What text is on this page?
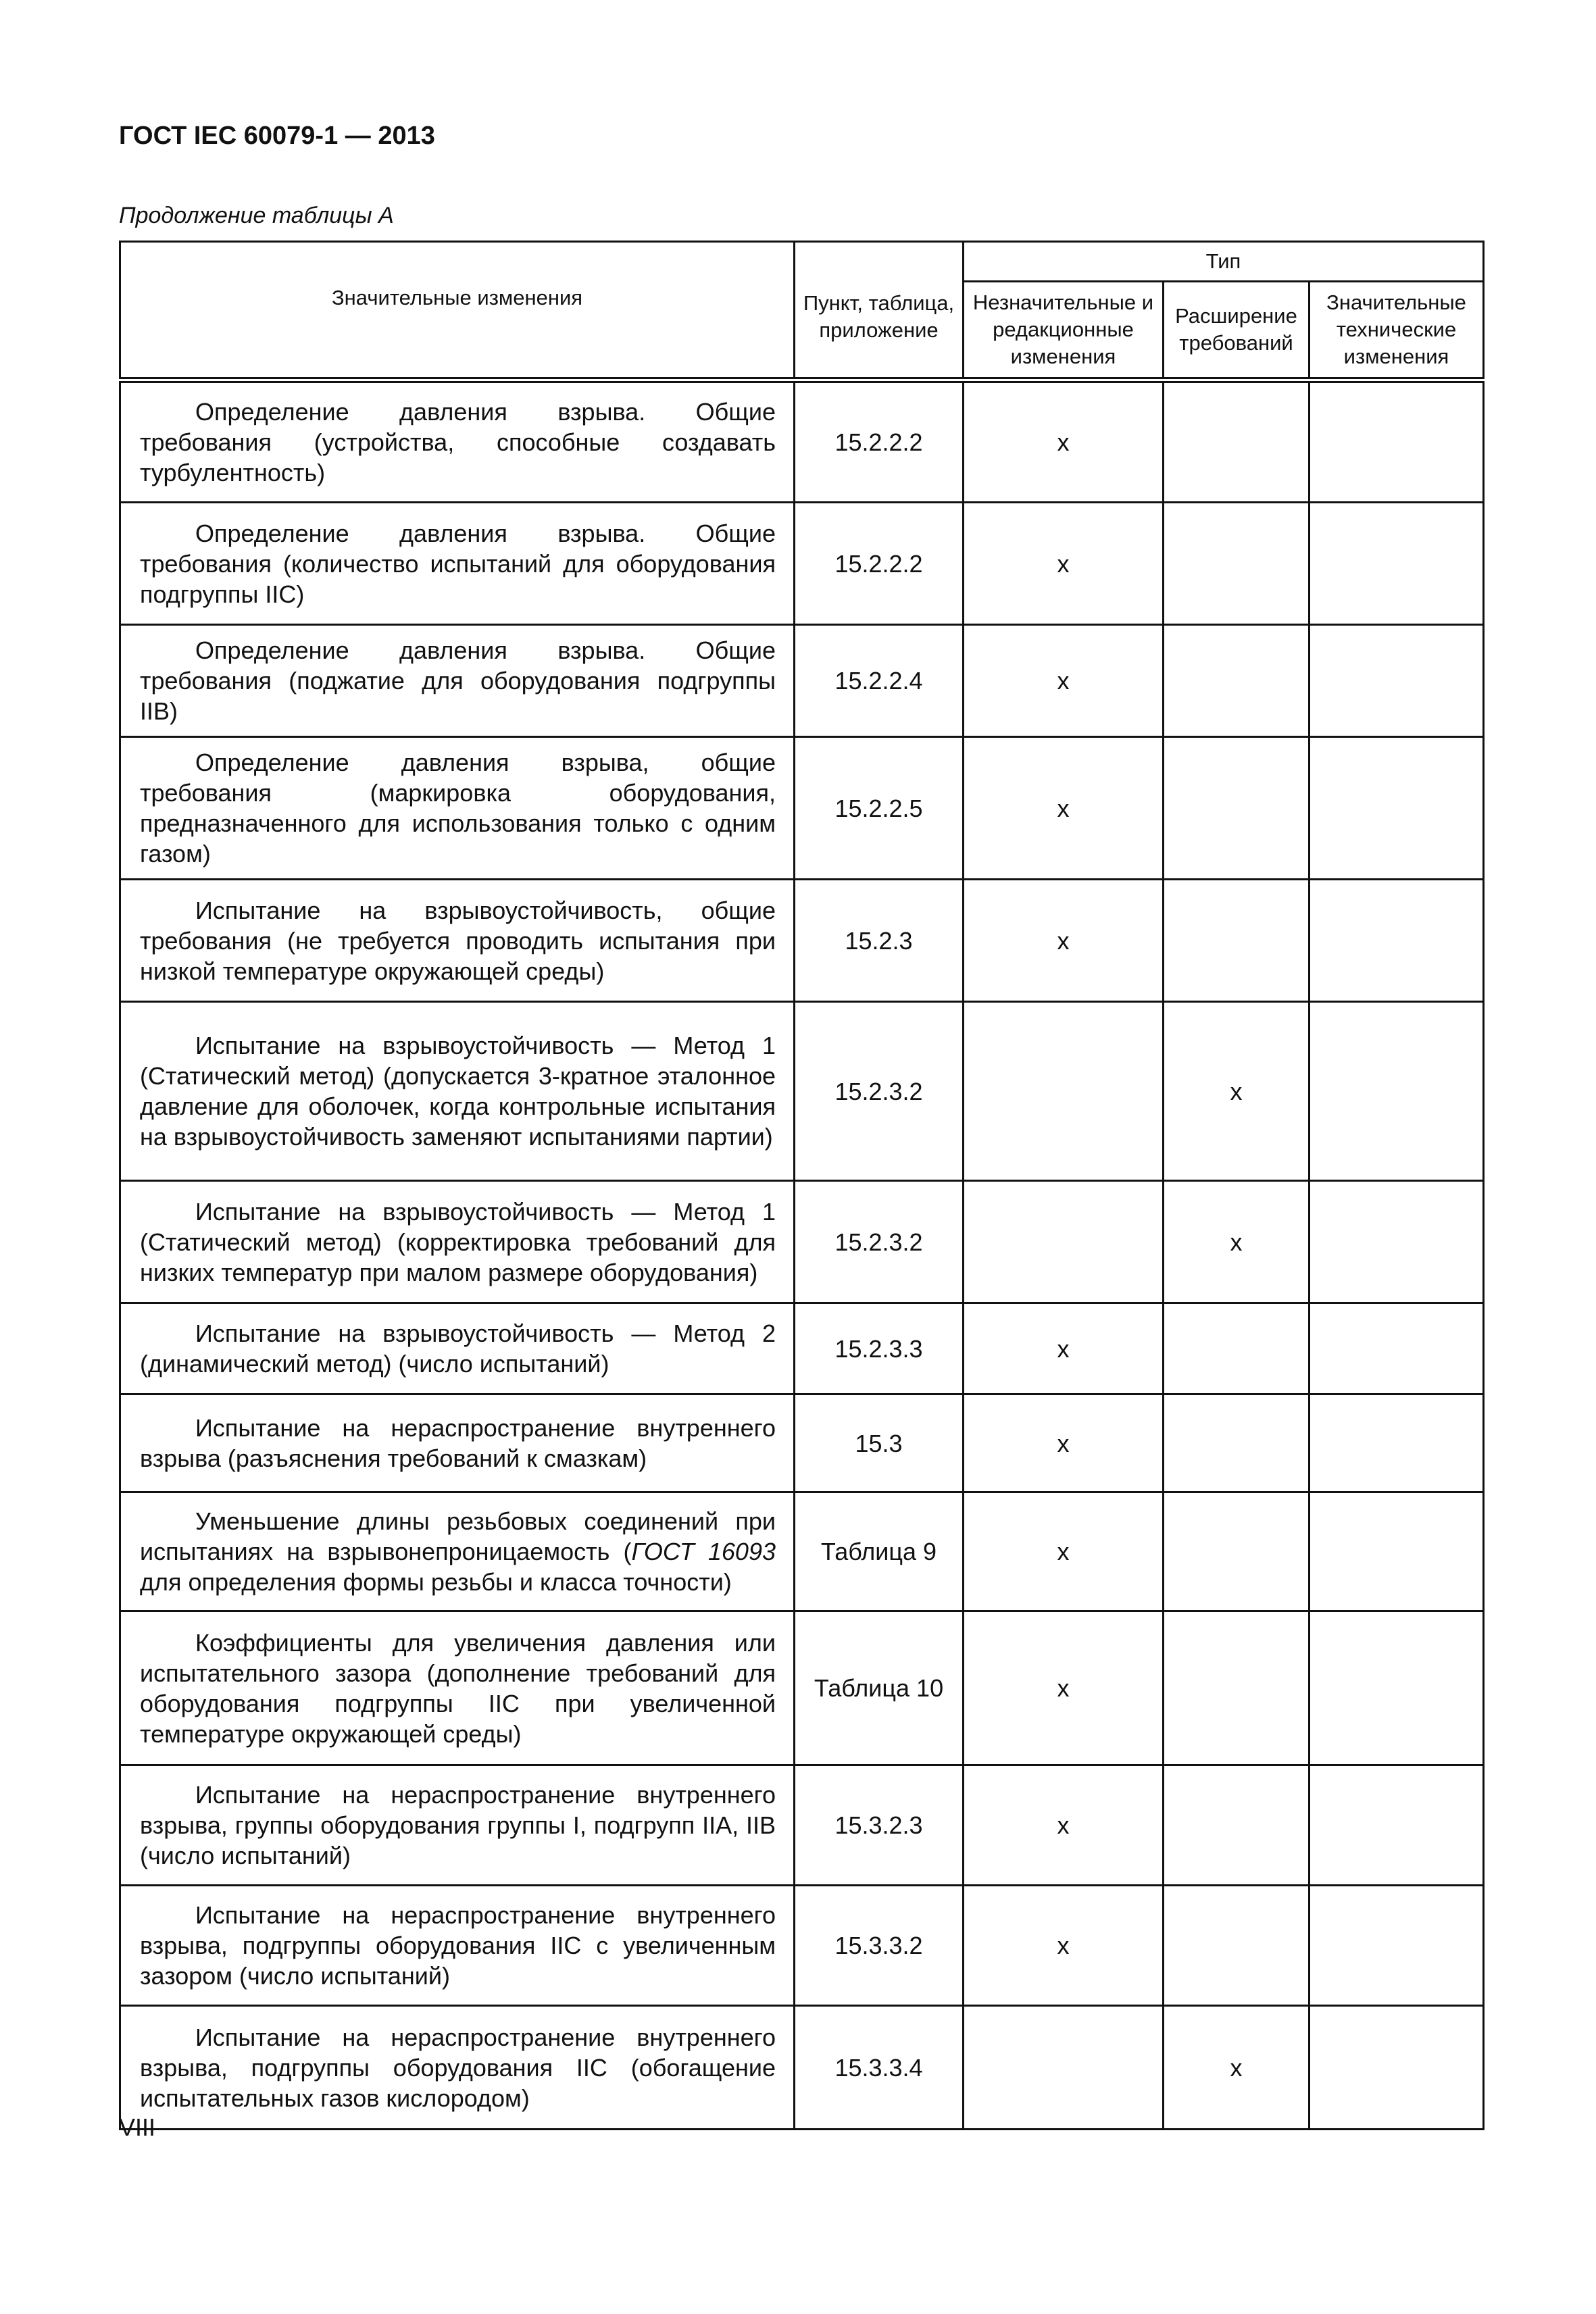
ГОСТ IEC 60079-1 — 2013
Продолжение таблицы А
Значительные изменения	Пункт, таблица, приложение	Тип		
		Незначительные и редакционные изменения	Расширение требований	Значительные технические изменения

Определение давления взрыва. Общие требования (устройства, способные создавать турбулентность)	15.2.2.2	x		

Определение давления взрыва. Общие требования (количество испытаний для оборудования подгруппы IIC)	15.2.2.2	x		

Определение давления взрыва. Общие требования (поджатие для оборудования подгруппы IIB)	15.2.2.4	x		

Определение давления взрыва, общие требования (маркировка оборудования, предназначенного для использования только с одним газом)	15.2.2.5	x		

Испытание на взрывоустойчивость, общие требования (не требуется проводить испытания при низкой температуре окружающей среды)	15.2.3	x		

Испытание на взрывоустойчивость — Метод 1 (Статический метод) (допускается 3-кратное эталонное давление для оболочек, когда контрольные испытания на взрывоустойчивость заменяют испытаниями партии)	15.2.3.2		x	

Испытание на взрывоустойчивость — Метод 1 (Статический метод) (корректировка требований для низких температур при малом размере оборудования)	15.2.3.2		x	

Испытание на взрывоустойчивость — Метод 2 (динамический метод) (число испытаний)	15.2.3.3	x		

Испытание на нераспространение внутреннего взрыва (разъяснения требований к смазкам)	15.3	x		

Уменьшение длины резьбовых соединений при испытаниях на взрывонепроницаемость (ГОСТ 16093 для определения формы резьбы и класса точности)	Таблица 9	x		

Коэффициенты для увеличения давления или испытательного зазора (дополнение требований для оборудования подгруппы IIC при увеличенной температуре окружающей среды)	Таблица 10	x		

Испытание на нераспространение внутреннего взрыва, группы оборудования группы I, подгрупп IIA, IIB (число испытаний)	15.3.2.3	x		

Испытание на нераспространение внутреннего взрыва, подгруппы оборудования IIC с увеличенным зазором (число испытаний)	15.3.3.2	x		

Испытание на нераспространение внутреннего взрыва, подгруппы оборудования IIC (обогащение испытательных газов кислородом)	15.3.3.4		x	
VIII
